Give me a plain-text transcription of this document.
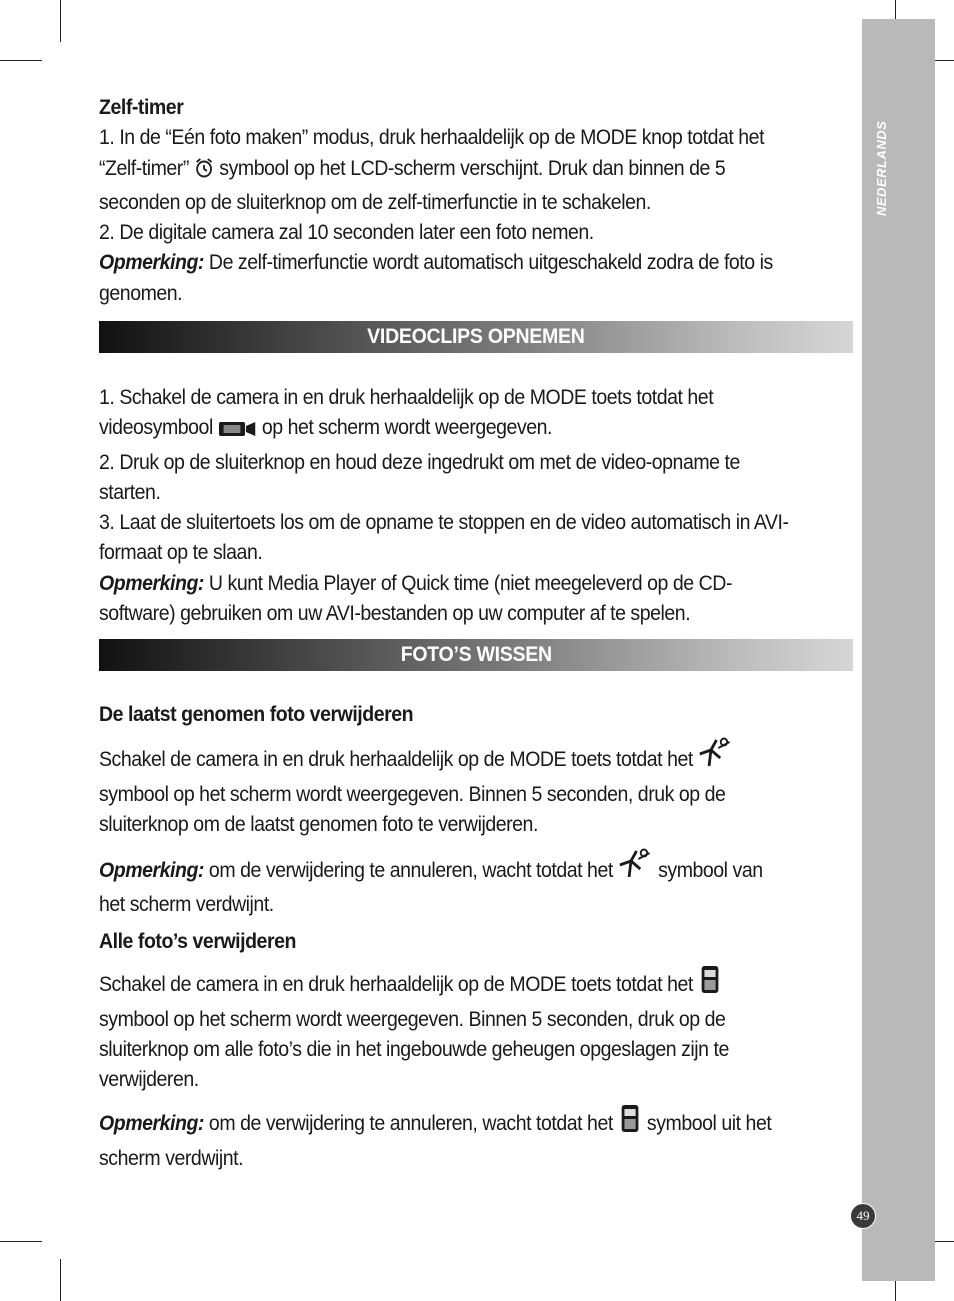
NEDERLANDS
49

Zelf-timer

1. In de “Eén foto maken” modus, druk herhaaldelijk op de MODE knop totdat het “Zelf-timer” symbool op het LCD-scherm verschijnt. Druk dan binnen de 5 seconden op de sluiterknop om de zelf-timerfunctie in te schakelen.

2. De digitale camera zal 10 seconden later een foto nemen.

Opmerking: De zelf-timerfunctie wordt automatisch uitgeschakeld zodra de foto is genomen.

VIDEOCLIPS OPNEMEN

1. Schakel de camera in en druk herhaaldelijk op de MODE toets totdat het videosymbool op het scherm wordt weergegeven.

2. Druk op de sluiterknop en houd deze ingedrukt om met de video-opname te starten.

3. Laat de sluitertoets los om de opname te stoppen en de video automatisch in AVI-formaat op te slaan.

Opmerking: U kunt Media Player of Quick time (niet meegeleverd op de CD-software) gebruiken om uw AVI-bestanden op uw computer af te spelen.

FOTO’S WISSEN

De laatst genomen foto verwijderen

Schakel de camera in en druk herhaaldelijk op de MODE toets totdat het  symbool op het scherm wordt weergegeven. Binnen 5 seconden, druk op de sluiterknop om de laatst genomen foto te verwijderen.

Opmerking: om de verwijdering te annuleren, wacht totdat het symbool van het scherm verdwijnt.

Alle foto’s verwijderen

Schakel de camera in en druk herhaaldelijk op de MODE toets totdat het  symbool op het scherm wordt weergegeven. Binnen 5 seconden, druk op de sluiterknop om alle foto’s die in het ingebouwde geheugen opgeslagen zijn te verwijderen.

Opmerking: om de verwijdering te annuleren, wacht totdat het symbool uit het scherm verdwijnt.
